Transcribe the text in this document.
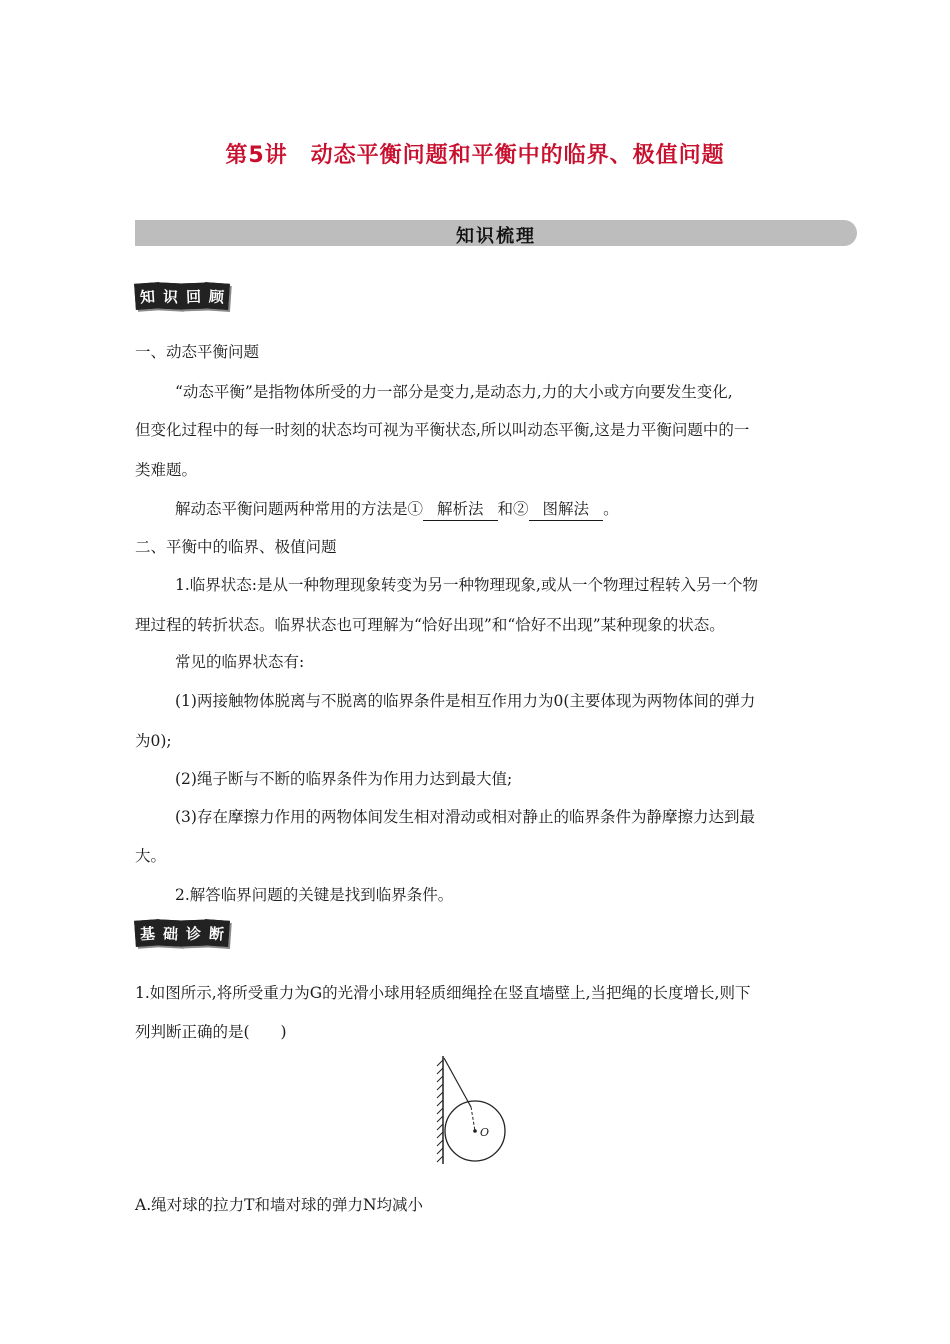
第5讲　动态平衡问题和平衡中的临界、极值问题
知识梳理
知 识 回 顾
一、动态平衡问题
“动态平衡”是指物体所受的力一部分是变力,是动态力,力的大小或方向要发生变化,
但变化过程中的每一时刻的状态均可视为平衡状态,所以叫动态平衡,这是力平衡问题中的一
类难题。
解动态平衡问题两种常用的方法是① 解析法 和② 图解法 。
二、平衡中的临界、极值问题
1.临界状态:是从一种物理现象转变为另一种物理现象,或从一个物理过程转入另一个物
理过程的转折状态。临界状态也可理解为“恰好出现”和“恰好不出现”某种现象的状态。
常见的临界状态有:
(1)两接触物体脱离与不脱离的临界条件是相互作用力为0(主要体现为两物体间的弹力
为0);
(2)绳子断与不断的临界条件为作用力达到最大值;
(3)存在摩擦力作用的两物体间发生相对滑动或相对静止的临界条件为静摩擦力达到最
大。
2.解答临界问题的关键是找到临界条件。
基 础 诊 断
1.如图所示,将所受重力为G的光滑小球用轻质细绳拴在竖直墙壁上,当把绳的长度增长,则下
列判断正确的是(　　)
O
A.绳对球的拉力T和墙对球的弹力N均减小
